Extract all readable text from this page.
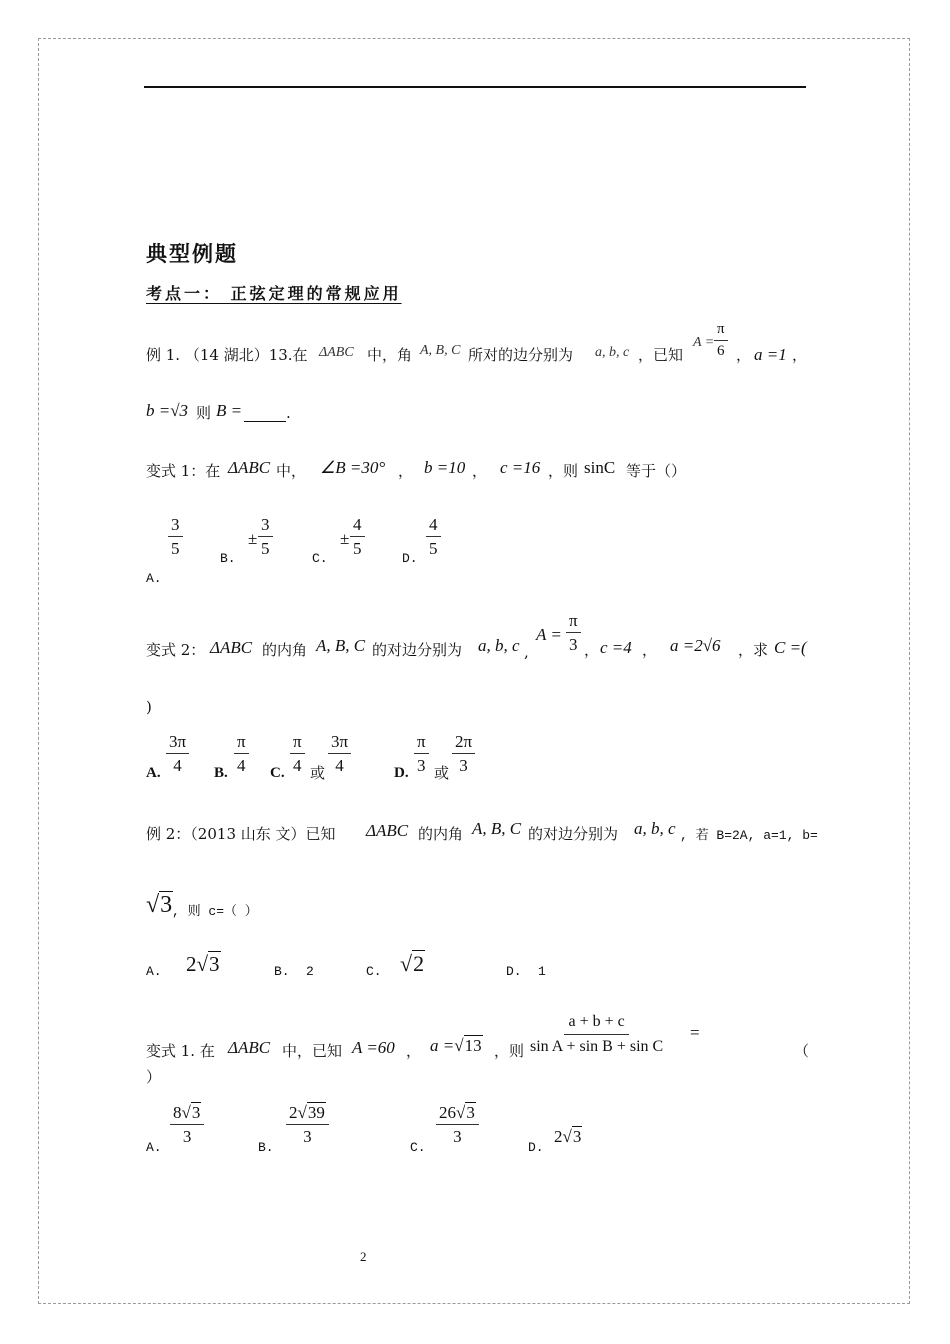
典型例题
考点一： 正弦定理的常规应用
例 1. （14 湖北）13.在 ΔABC 中，角 A, B, C 所对的边分别为 a, b, c ，已知
$A = \frac{\pi}{6}$ ， a =1 ，
b =√3 则 B =	.
变式 1：在 ΔABC 中， ∠B =30° ， b =10 ， c =16 ，则 sinC 等于（）
$\frac{3}{5}$
A.
B.
± $\frac{3}{5}$
C.
± $\frac{4}{5}$
D.
$\frac{4}{5}$
变式 2： ΔABC 的内角 A, B, C 的对边分别为 a, b, c ,
$A = \frac{\pi}{3}$ ， c =4 ， a =2√6 ，求 C =(
)
A. $\frac{3\pi}{4} B$. $\frac{\pi}{4} C$. $\frac{\pi}{4}$ 或 $\frac{3\pi}{4}$	D. $\frac{\pi}{3}$ 或 $\frac{2\pi}{3}$
例 2：（2013 山东 文）已知 ΔABC 的内角 A, B, C 的对边分别为 a, b, c , 若 B=2A, a=1, b=
√3 , 则 c=（ ）
A. 2√3	B. 2	C. √2	D. 1
变式 1. 在 ΔABC 中，已知 A =60 ， a =√13 ，则 $\frac{a + b + c}{\text{sin A + sin B + sin C}}$ =
（
）
A.
$\frac{8√3}{3}$
B.
$\frac{2√39}{3}$
C.
$\frac{26√3}{3}$
D.
2√3
2
